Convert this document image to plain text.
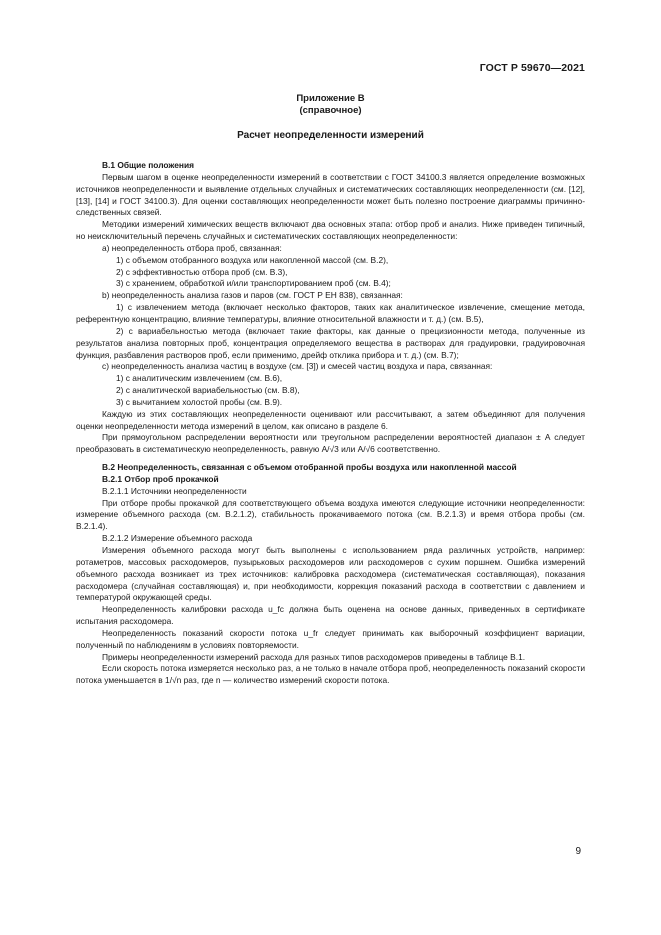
ГОСТ Р 59670—2021
Приложение В
(справочное)
Расчет неопределенности измерений

В.1 Общие положения

Первым шагом в оценке неопределенности измерений в соответствии с ГОСТ 34100.3 является определение возможных источников неопределенности и выявление отдельных случайных и систематических составляющих неопределенности (см. [12], [13], [14] и ГОСТ 34100.3). Для оценки составляющих неопределенности может быть полезно построение диаграммы причинно-следственных связей.

Методики измерений химических веществ включают два основных этапа: отбор проб и анализ. Ниже приведен типичный, но неисключительный перечень случайных и систематических составляющих неопределенности:

а) неопределенность отбора проб, связанная:

1) с объемом отобранного воздуха или накопленной массой (см. В.2),

2) с эффективностью отбора проб (см. В.3),

3) с хранением, обработкой и/или транспортированием проб (см. В.4);

b) неопределенность анализа газов и паров (см. ГОСТ Р ЕН 838), связанная:

1) с извлечением метода (включает несколько факторов, таких как аналитическое извлечение, смещение метода, референтную концентрацию, влияние температуры, влияние относительной влажности и т. д.) (см. В.5),

2) с вариабельностью метода (включает такие факторы, как данные о прецизионности метода, полученные из результатов анализа повторных проб, концентрация определяемого вещества в растворах для градуировки, градуировочная функция, разбавления растворов проб, если применимо, дрейф отклика прибора и т. д.) (см. В.7);

с) неопределенность анализа частиц в воздухе (см. [3]) и смесей частиц воздуха и пара, связанная:

1) с аналитическим извлечением (см. В.6),

2) с аналитической вариабельностью (см. В.8),

3) с вычитанием холостой пробы (см. В.9).

Каждую из этих составляющих неопределенности оценивают или рассчитывают, а затем объединяют для получения оценки неопределенности метода измерений в целом, как описано в разделе 6.

При прямоугольном распределении вероятности или треугольном распределении вероятностей диапазон ± A следует преобразовать в систематическую неопределенность, равную A/√3 или A/√6 соответственно.

В.2 Неопределенность, связанная с объемом отобранной пробы воздуха или накопленной массой

В.2.1 Отбор проб прокачкой

В.2.1.1 Источники неопределенности

При отборе пробы прокачкой для соответствующего объема воздуха имеются следующие источники неопределенности: измерение объемного расхода (см. В.2.1.2), стабильность прокачиваемого потока (см. В.2.1.3) и время отбора пробы (см. В.2.1.4).

В.2.1.2 Измерение объемного расхода

Измерения объемного расхода могут быть выполнены с использованием ряда различных устройств, например: ротаметров, массовых расходомеров, пузырьковых расходомеров или расходомеров с сухим поршнем. Ошибка измерений объемного расхода возникает из трех источников: калибровка расходомера (систематическая составляющая), показания расходомера (случайная составляющая) и, при необходимости, коррекция показаний расхода в соответствии с давлением и температурой окружающей среды.

Неопределенность калибровки расхода u_fc должна быть оценена на основе данных, приведенных в сертификате испытания расходомера.

Неопределенность показаний скорости потока u_fr следует принимать как выборочный коэффициент вариации, полученный по наблюдениям в условиях повторяемости.

Примеры неопределенности измерений расхода для разных типов расходомеров приведены в таблице В.1.

Если скорость потока измеряется несколько раз, а не только в начале отбора проб, неопределенность показаний скорости потока уменьшается в 1/√n раз, где n — количество измерений скорости потока.

9
